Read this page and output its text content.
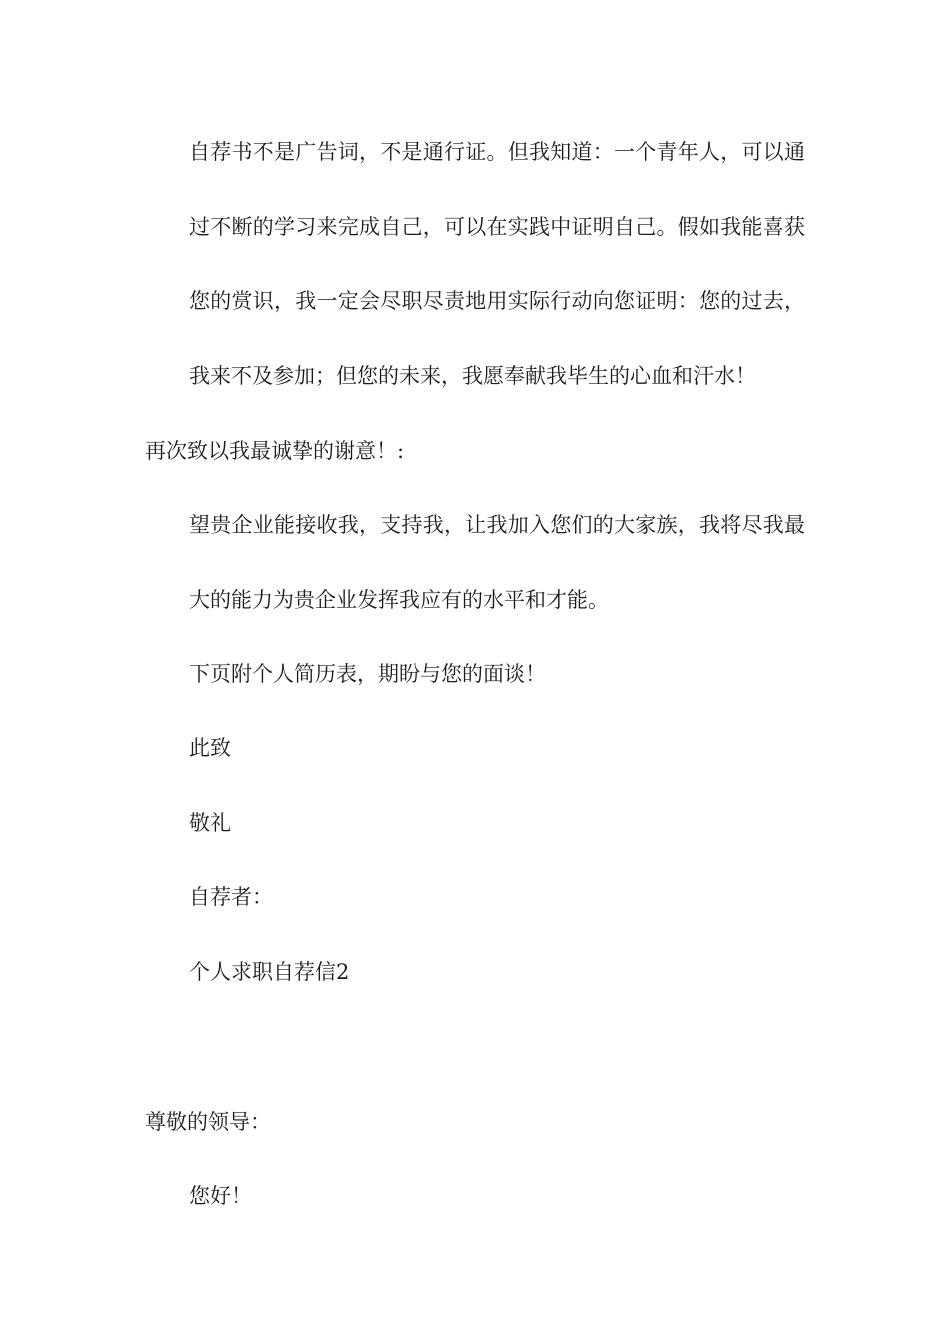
自荐书不是广告词，不是通行证。但我知道：一个青年人，可以通过不断的学习来完成自己，可以在实践中证明自己。假如我能喜获您的赏识，我一定会尽职尽责地用实际行动向您证明：您的过去，我来不及参加；但您的未来，我愿奉献我毕生的心血和汗水！

再次致以我最诚挚的谢意！:

望贵企业能接收我，支持我，让我加入您们的大家族，我将尽我最大的能力为贵企业发挥我应有的水平和才能。

下页附个人简历表，期盼与您的面谈！

此致

敬礼

自荐者：

个人求职自荐信2

尊敬的领导：

您好！
